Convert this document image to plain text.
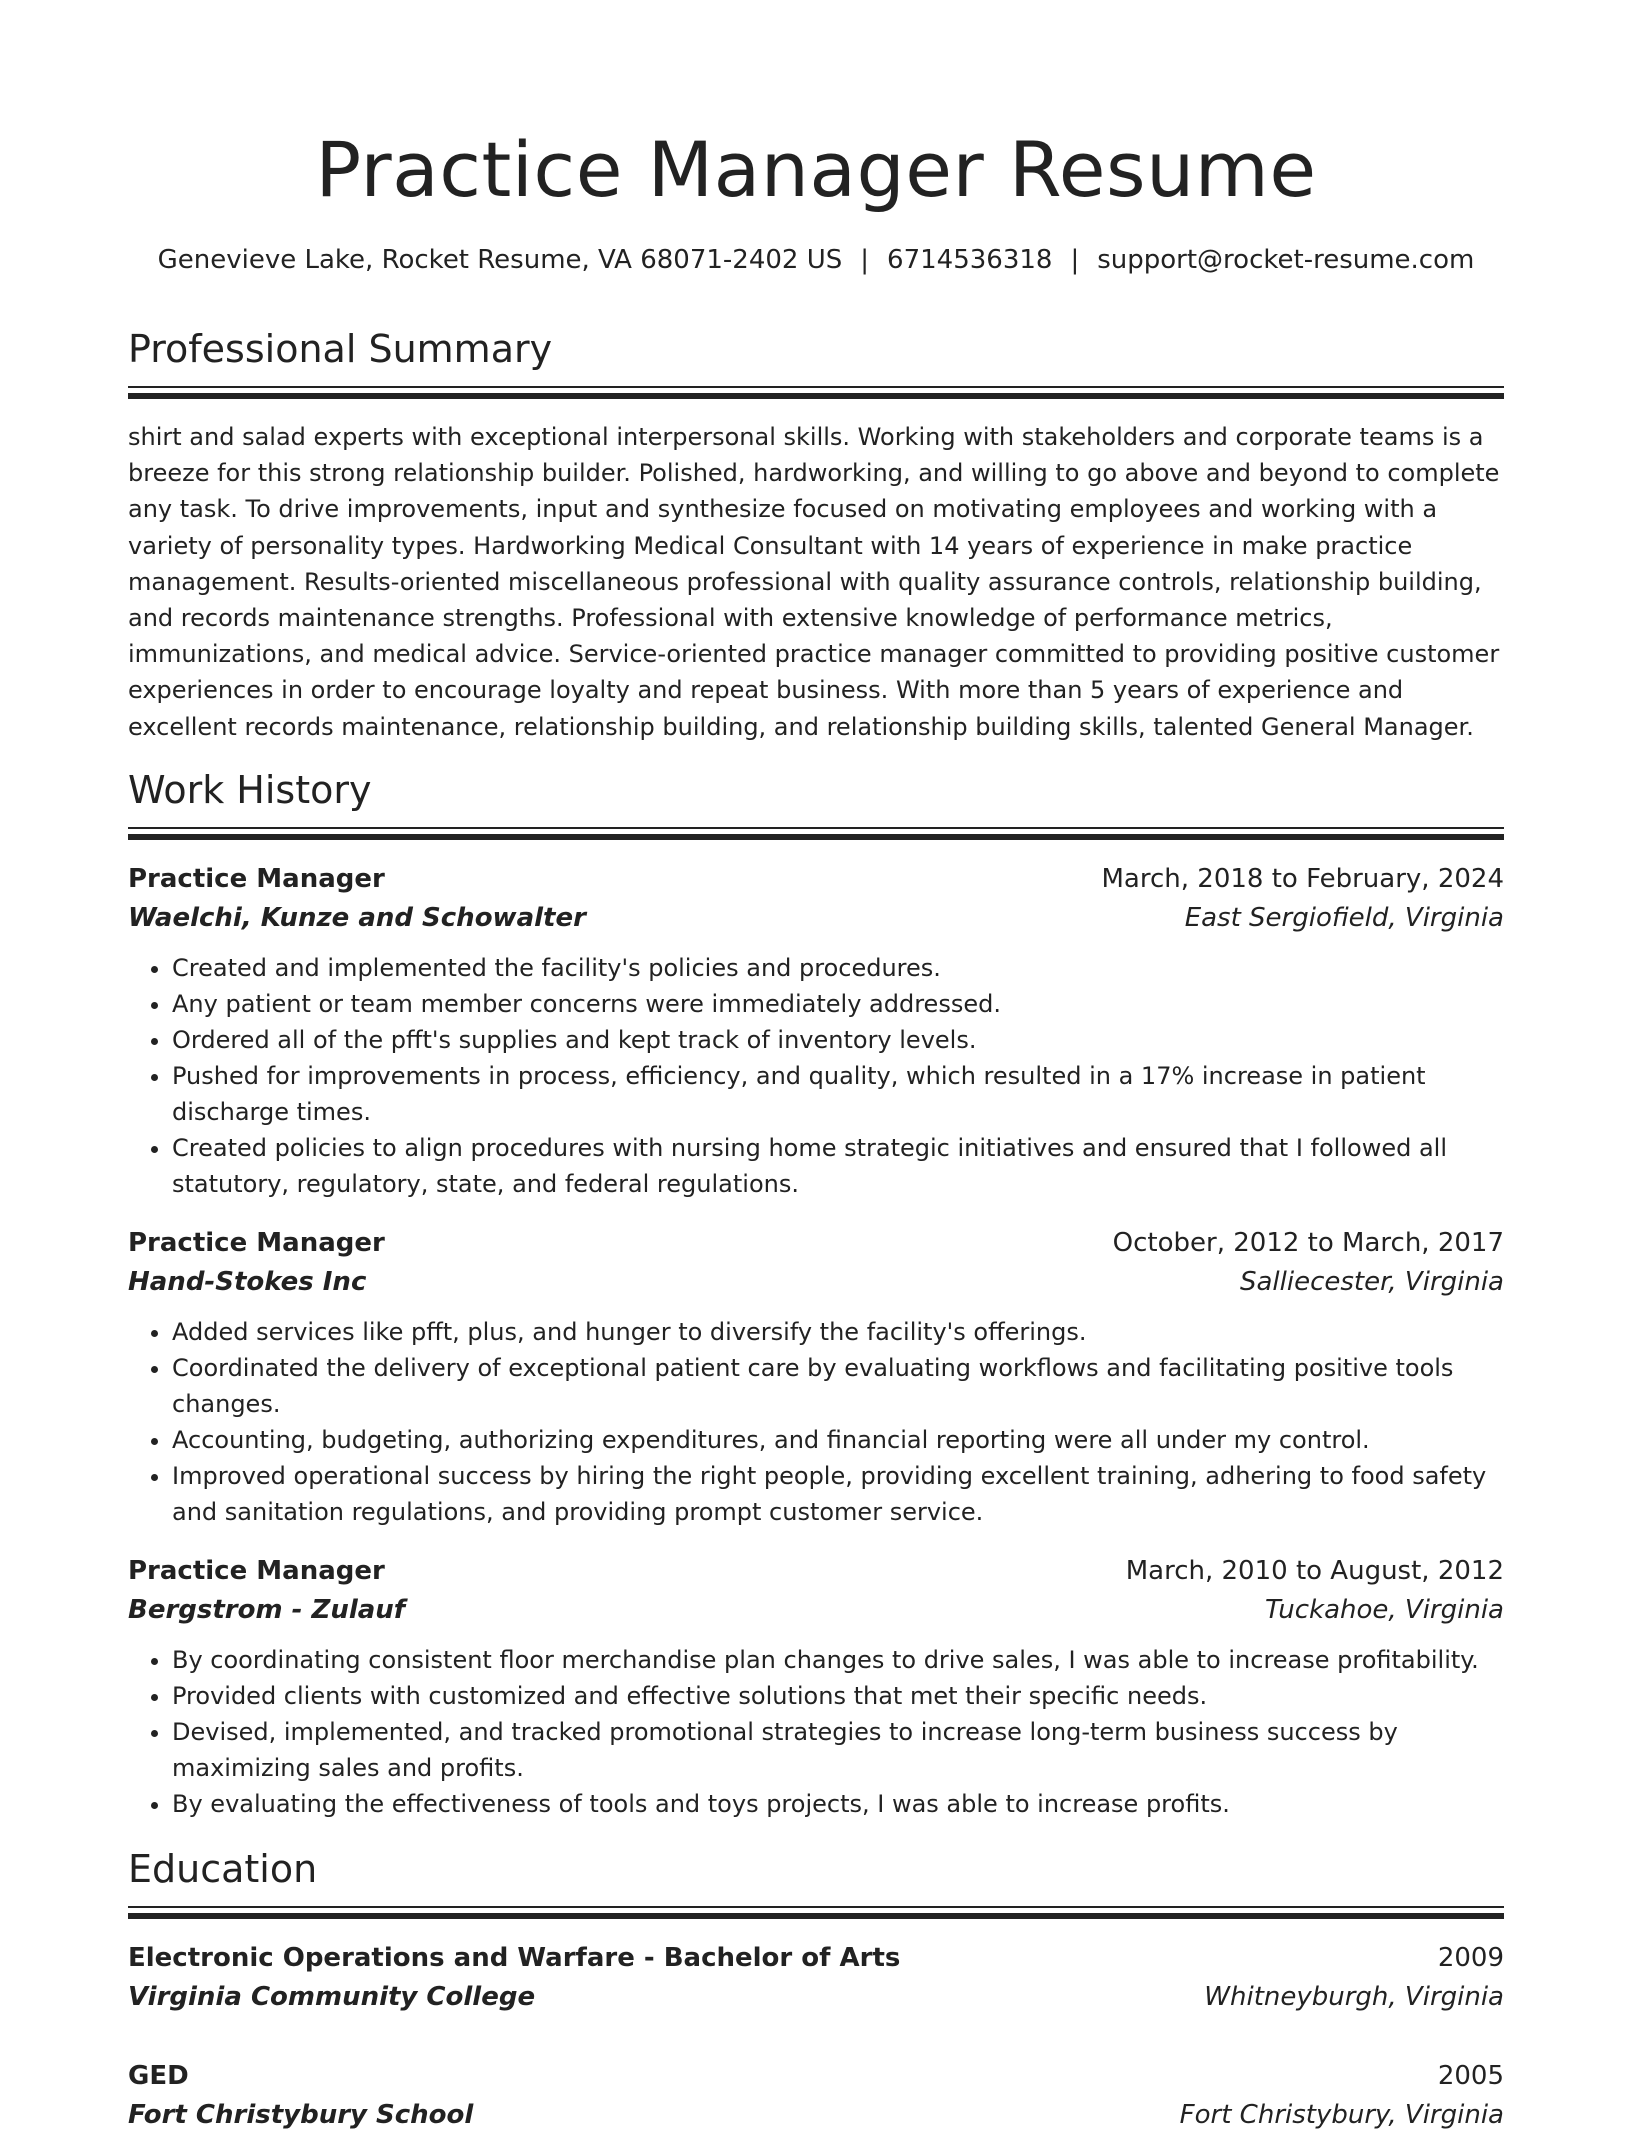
Practice Manager Resume
Genevieve Lake, Rocket Resume, VA 68071-2402 US | 6714536318 | support@rocket-resume.com
Professional Summary

shirt and salad experts with exceptional interpersonal skills. Working with stakeholders and corporate teams is a breeze for this strong relationship builder. Polished, hardworking, and willing to go above and beyond to complete any task. To drive improvements, input and synthesize focused on motivating employees and working with a variety of personality types. Hardworking Medical Consultant with 14 years of experience in make practice management. Results-oriented miscellaneous professional with quality assurance controls, relationship building, and records maintenance strengths. Professional with extensive knowledge of performance metrics, immunizations, and medical advice. Service-oriented practice manager committed to providing positive customer experiences in order to encourage loyalty and repeat business. With more than 5 years of experience and excellent records maintenance, relationship building, and relationship building skills, talented General Manager.

Work History
Practice Manager	March, 2018 to February, 2024
Waelchi, Kunze and Schowalter	East Sergiofield, Virginia
• Created and implemented the facility's policies and procedures.
• Any patient or team member concerns were immediately addressed.
• Ordered all of the pfft's supplies and kept track of inventory levels.
• Pushed for improvements in process, efficiency, and quality, which resulted in a 17% increase in patient discharge times.
• Created policies to align procedures with nursing home strategic initiatives and ensured that I followed all statutory, regulatory, state, and federal regulations.
Practice Manager	October, 2012 to March, 2017
Hand-Stokes Inc	Salliecester, Virginia
• Added services like pfft, plus, and hunger to diversify the facility's offerings.
• Coordinated the delivery of exceptional patient care by evaluating workflows and facilitating positive tools changes.
• Accounting, budgeting, authorizing expenditures, and financial reporting were all under my control.
• Improved operational success by hiring the right people, providing excellent training, adhering to food safety and sanitation regulations, and providing prompt customer service.
Practice Manager	March, 2010 to August, 2012
Bergstrom - Zulauf	Tuckahoe, Virginia
• By coordinating consistent floor merchandise plan changes to drive sales, I was able to increase profitability.
• Provided clients with customized and effective solutions that met their specific needs.
• Devised, implemented, and tracked promotional strategies to increase long-term business success by maximizing sales and profits.
• By evaluating the effectiveness of tools and toys projects, I was able to increase profits.
Education
Electronic Operations and Warfare - Bachelor of Arts	2009
Virginia Community College	Whitneyburgh, Virginia
GED	2005
Fort Christybury School	Fort Christybury, Virginia
